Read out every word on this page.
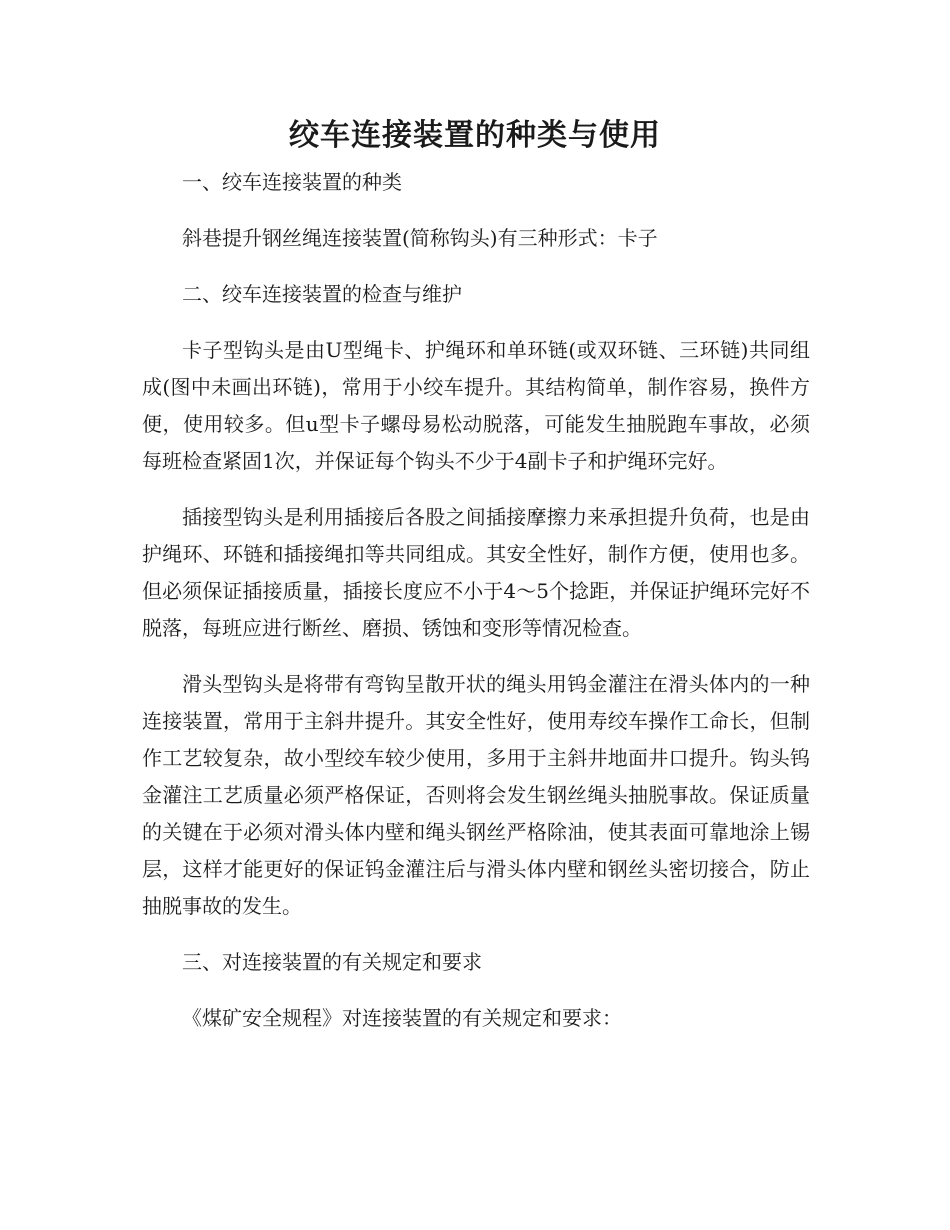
绞车连接装置的种类与使用

一、绞车连接装置的种类

斜巷提升钢丝绳连接装置(简称钩头)有三种形式：卡子

二、绞车连接装置的检查与维护

卡子型钩头是由U型绳卡、护绳环和单环链(或双环链、三环链)共同组成(图中未画出环链)，常用于小绞车提升。其结构简单，制作容易，换件方便，使用较多。但u型卡子螺母易松动脱落，可能发生抽脱跑车事故，必须每班检查紧固1次，并保证每个钩头不少于4副卡子和护绳环完好。

插接型钩头是利用插接后各股之间插接摩擦力来承担提升负荷，也是由护绳环、环链和插接绳扣等共同组成。其安全性好，制作方便，使用也多。但必须保证插接质量，插接长度应不小于4～5个捻距，并保证护绳环完好不脱落，每班应进行断丝、磨损、锈蚀和变形等情况检查。

滑头型钩头是将带有弯钩呈散开状的绳头用钨金灌注在滑头体内的一种连接装置，常用于主斜井提升。其安全性好，使用寿绞车操作工命长，但制作工艺较复杂，故小型绞车较少使用，多用于主斜井地面井口提升。钩头钨金灌注工艺质量必须严格保证，否则将会发生钢丝绳头抽脱事故。保证质量的关键在于必须对滑头体内壁和绳头钢丝严格除油，使其表面可靠地涂上锡层，这样才能更好的保证钨金灌注后与滑头体内壁和钢丝头密切接合，防止抽脱事故的发生。

三、对连接装置的有关规定和要求

《煤矿安全规程》对连接装置的有关规定和要求：
